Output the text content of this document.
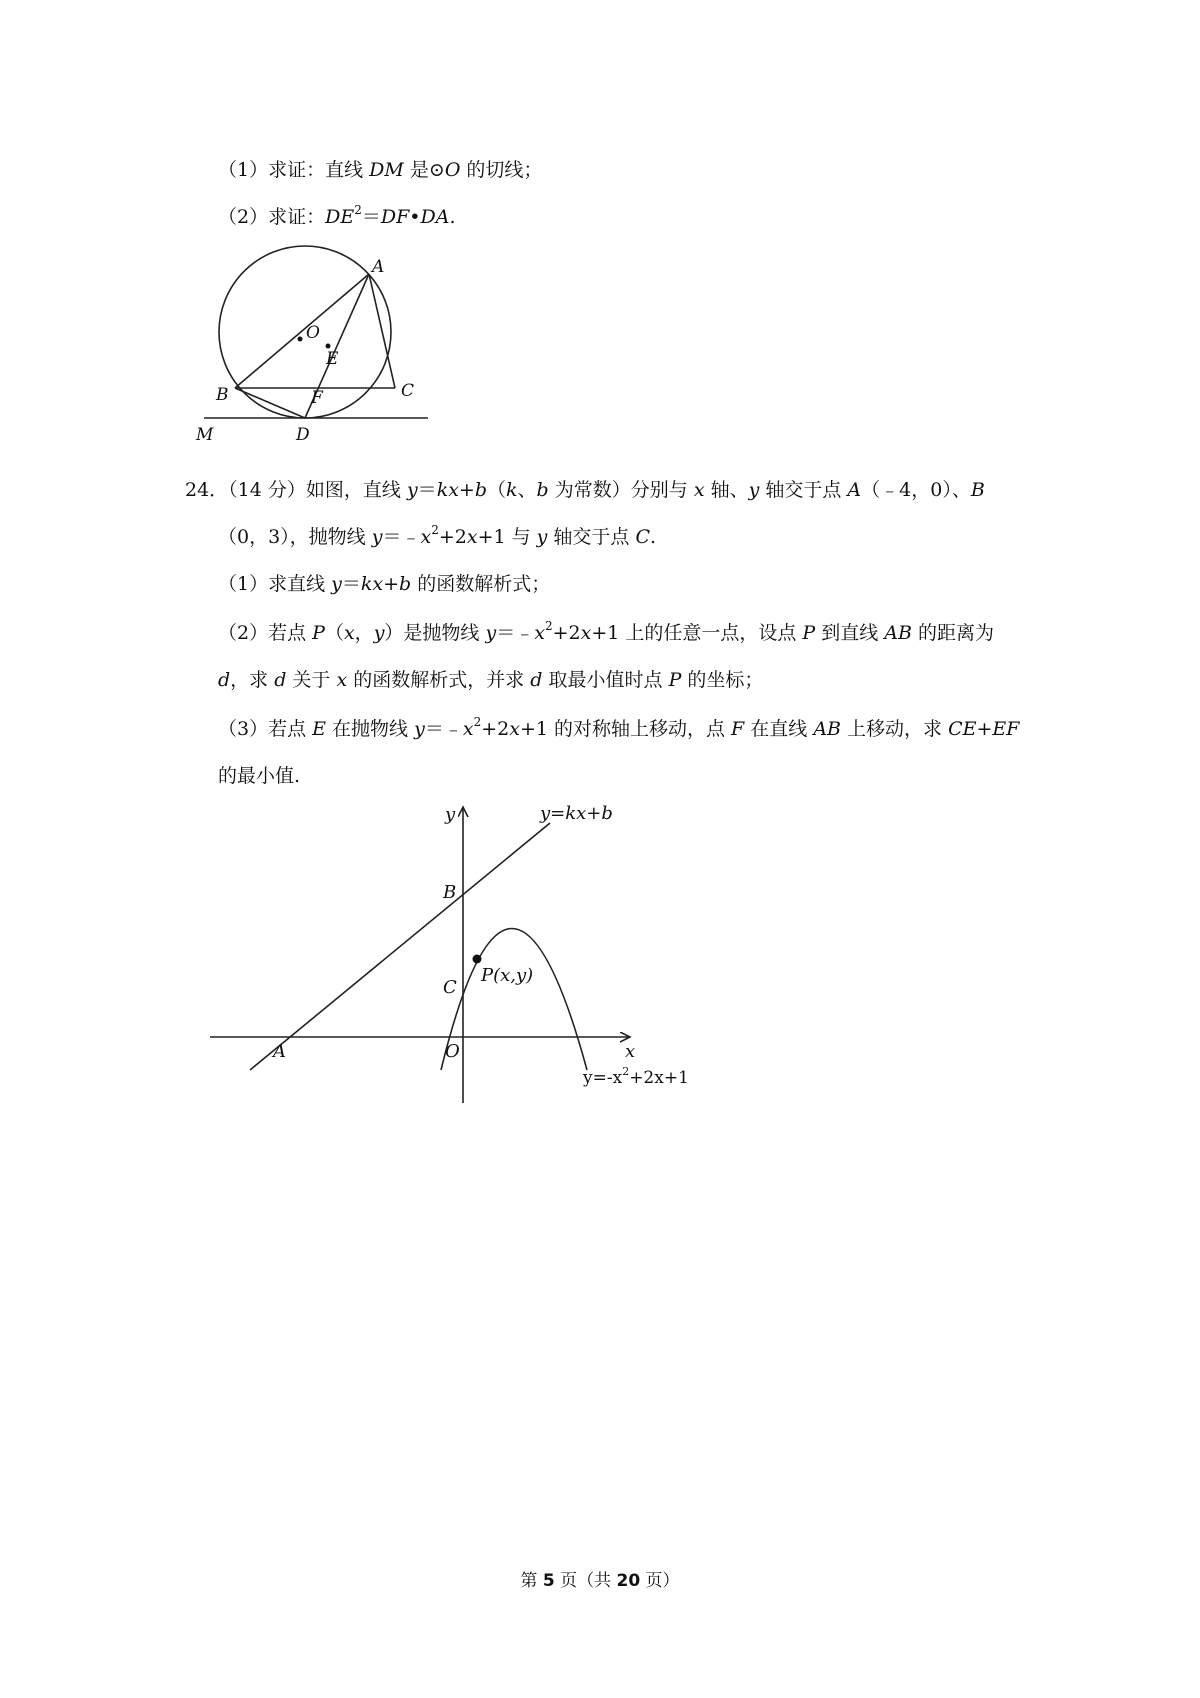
（1）求证：直线 DM 是⊙O 的切线；
（2）求证：$DE^2=DF•DA$.
A
O
E
B	F	C
M	D
24．（14 分）如图，直线 y＝kx+b（k、b 为常数）分别与 x 轴、y 轴交于点 A（﹣4，0）、B
（0，3），抛物线 $y=﹣x^2+2x+1$ 与 y 轴交于点 C.
（1）求直线 y＝kx+b 的函数解析式；
（2）若点 P（x，y）是抛物线 $y=﹣x^2+2x+1$ 上的任意一点，设点 P 到直线 AB 的距离为
d，求 d 关于 x 的函数解析式，并求 d 取最小值时点 P 的坐标；
（3）若点 E 在抛物线 $y=﹣x^2+2x+1$ 的对称轴上移动，点 F 在直线 AB 上移动，求 CE+EF
的最小值.
y	y=kx+b
B
C
P(x,y)
A	O	x
$y=-x^2+2x+1$
第 5 页（共 20 页）
